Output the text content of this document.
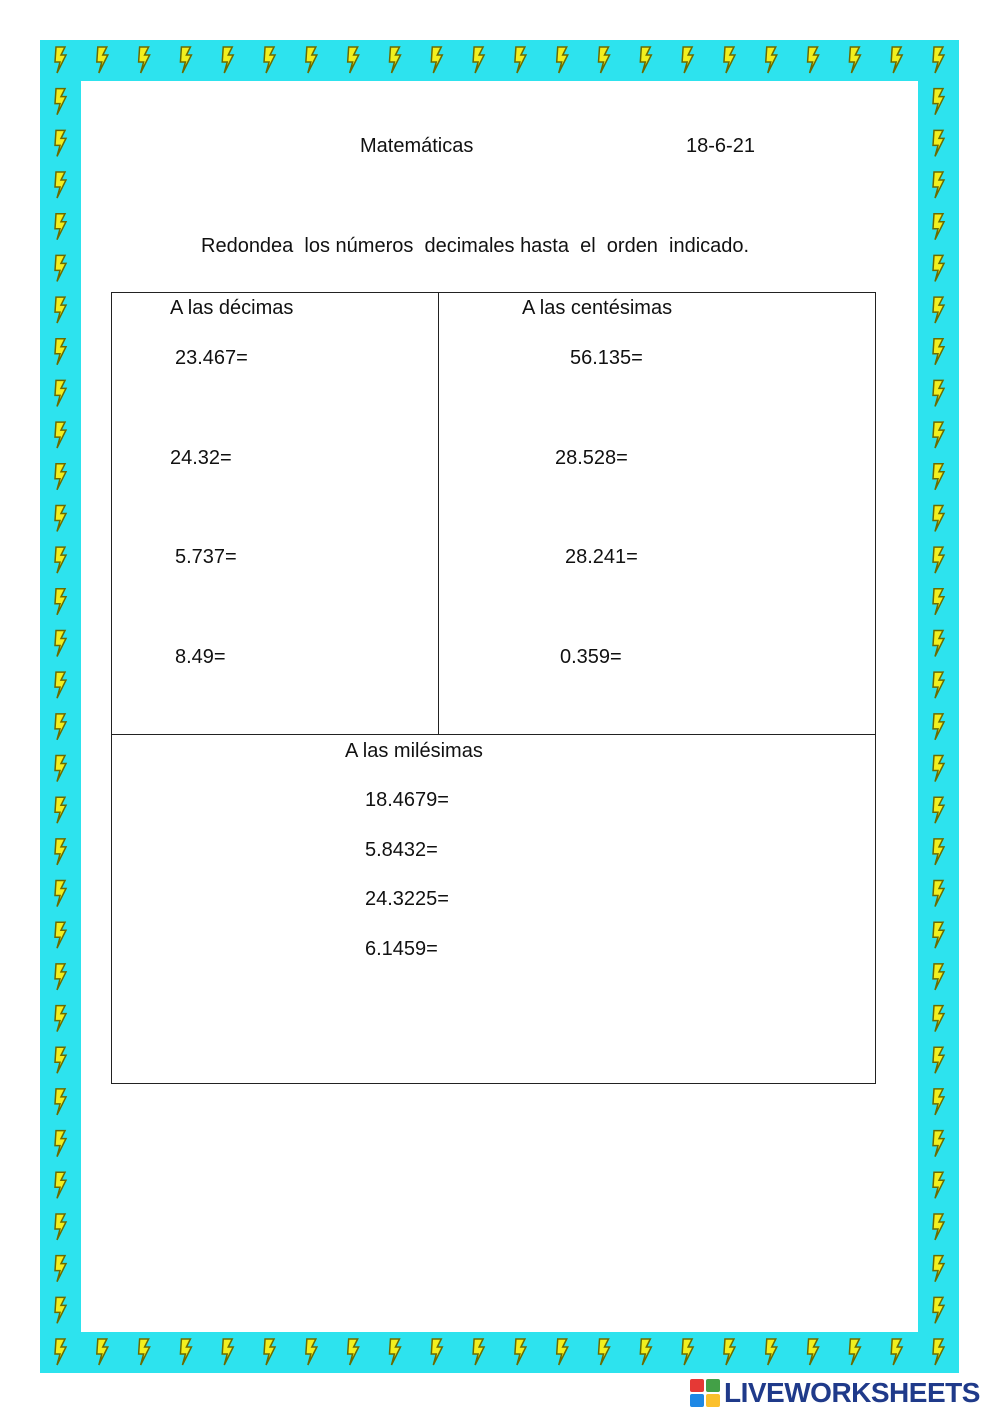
Matemáticas	18-6-21
Redondea  los números  decimales hasta  el  orden  indicado.
A las décimas
23.467=
24.32=
5.737=
8.49=
A las centésimas
56.135=
28.528=
28.241=
0.359=
A las milésimas
18.4679=
5.8432=
24.3225=
6.1459=
LIVEWORKSHEETS
